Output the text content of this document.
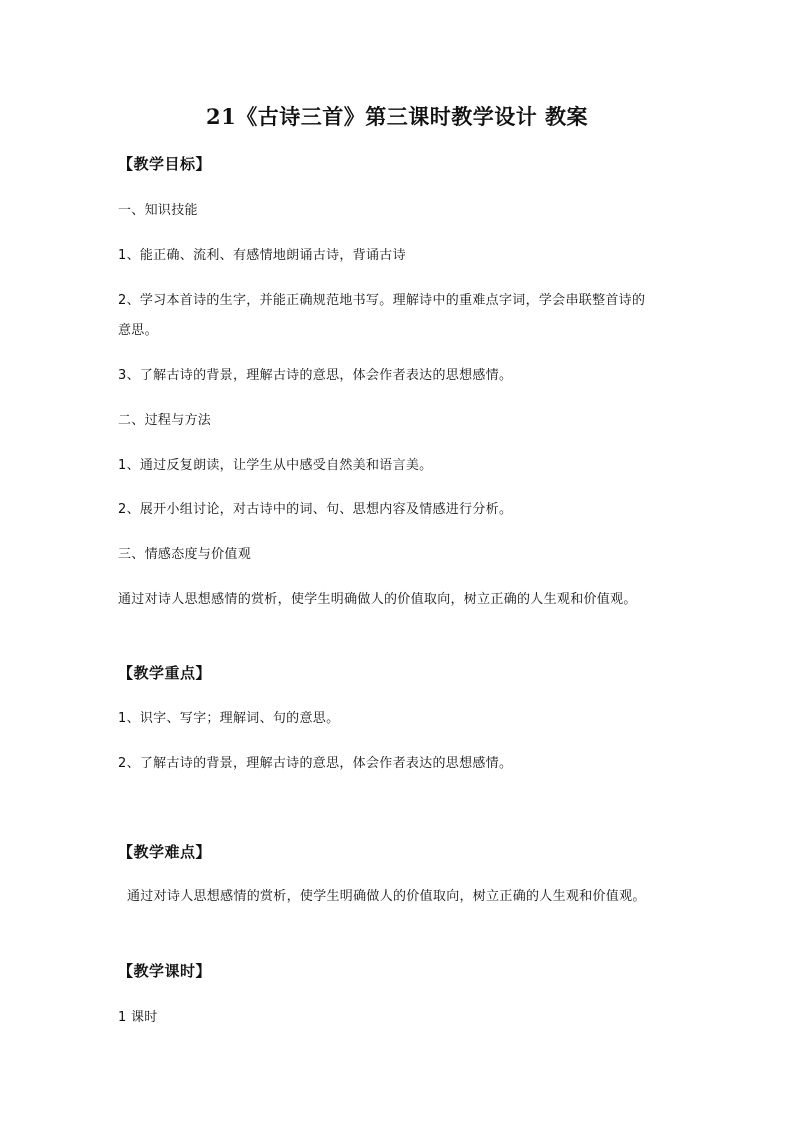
21《古诗三首》第三课时教学设计 教案
【教学目标】
一、知识技能
1、能正确、流利、有感情地朗诵古诗，背诵古诗
2、学习本首诗的生字，并能正确规范地书写。理解诗中的重难点字词，学会串联整首诗的
意思。
3、了解古诗的背景，理解古诗的意思，体会作者表达的思想感情。
二、过程与方法
1、通过反复朗读，让学生从中感受自然美和语言美。
2、展开小组讨论，对古诗中的词、句、思想内容及情感进行分析。
三、情感态度与价值观
通过对诗人思想感情的赏析，使学生明确做人的价值取向，树立正确的人生观和价值观。
【教学重点】
1、识字、写字；理解词、句的意思。
2、了解古诗的背景，理解古诗的意思，体会作者表达的思想感情。
【教学难点】
通过对诗人思想感情的赏析，使学生明确做人的价值取向，树立正确的人生观和价值观。
【教学课时】
1 课时
